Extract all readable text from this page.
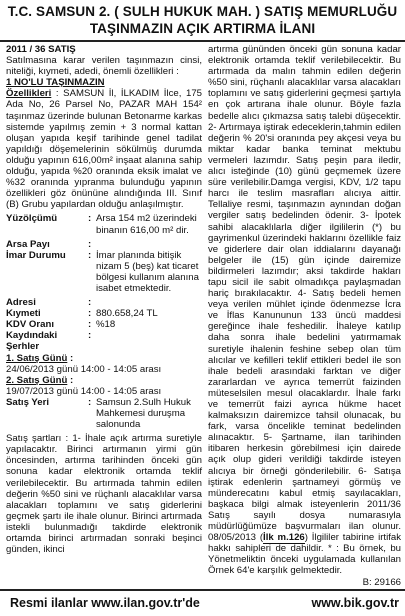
T.C. SAMSUN 2. ( SULH HUKUK MAH. ) SATIŞ MEMURLUĞU
TAŞINMAZIN AÇIK ARTIRMA İLANI
2011 / 36 SATIŞ
Satılmasına karar verilen taşınmazın cinsi, niteliği, kıymeti, adedi, önemli özellikleri :
1 NO'LU TAŞINMAZIN
Özellikleri : SAMSUN İl, İLKADIM İlce, 175 Ada No, 26 Parsel No, PAZAR MAH 154² taşınmaz üzerinde bulunan Betonarme karkas sistemde yapılmış zemin + 3 normal kattan oluşan yapıda keşif tarihinde genel tadilat yapıldığı döşemelerinin sökülmüş durumda olduğu yapının 616,00m² inşaat alanına sahip olduğu, yapıda %20 oranında eksik imalat ve %32 oranında yıpranma bulunduğu yapının özellikleri göz önününe alındığında III. Sınıf (B) Grubu yapılardan olduğu anlaşılmıştır.
Yüzölçümü	: Arsa 154 m2 üzerindeki binanın 616,00 m² dir.
Arsa Payı	:
İmar Durumu	: İmar planında bitişik nizam 5 (beş) kat ticaret bölgesi kullanım alanına isabet etmektedir.
Adresi	:
Kıymeti	: 880.658,24 TL
KDV Oranı	: %18
Kaydındaki Şerhler
:
1. Satış Günü :
24/06/2013 günü 14:00 - 14:05 arası
2. Satış Günü :
19/07/2013 günü 14:00 - 14:05 arası
Satış Yeri	: Samsun 2.Sulh Hukuk Mahkemesi duruşma salonunda
Satış şartları : 1- İhale açık artırma suretiyle yapılacaktır. Birinci artırmanın yirmi gün öncesinden, artırma tarihinden önceki gün sonuna kadar elektronik ortamda teklif verilebilecektir. Bu artırmada tahmin edilen değerin %50 sini ve rüçhanlı alacaklılar varsa alacakları toplamını ve satış giderlerini geçmek şartı ile ihale olunur. Birinci artırmada istekli bulunmadığı takdirde elektronik ortamda birinci artırmadan sonraki beşinci günden, ikinci
artırma gününden önceki gün sonuna kadar elektronik ortamda teklif verilebilecektir. Bu artırmada da malın tahmin edilen değerin %50 sini, rüçhanlı alacaklılar varsa alacakları toplamını ve satış giderlerini geçmesi şartıyla en çok artırana ihale olunur. Böyle fazla bedelle alıcı çıkmazsa satış talebi düşecektir. 2- Artırmaya iştirak edeceklerin,tahmin edilen değerin % 20'si oranında pey akçesi veya bu miktar kadar banka teminat mektubu vermeleri lazımdır. Satış peşin para iledir, alıcı isteğinde (10) günü geçmemek üzere süre verilebilir.Damga vergisi, KDV, 1/2 tapu harcı ile teslim masrafları alıcıya aittir. Tellaliye resmi, taşınmazın aynından doğan vergiler satış bedelinden ödenir. 3- İpotek sahibi alacaklılarla diğer ilgililerin (*) bu gayrimenkul üzerindeki haklarını özellikle faiz ve giderlere dair olan iddialarını dayanağı belgeler ile (15) gün içinde dairemize bildirmeleri lazımdır; aksi takdirde hakları tapu sicil ile sabit olmadıkça paylaşmadan hariç bırakılacaktır. 4- Satış bedeli hemen veya verilen mühlet içinde ödenmezse İcra ve İflas Kanununun 133 üncü maddesi gereğince ihale feshedilir. İhaleye katılıp daha sonra ihale bedelini yatırmamak suretiyle ihalenin feshine sebep olan tüm alıcılar ve kefilleri teklif ettikleri bedel ile son ihale bedeli arasındaki farktan ve diğer zararlardan ve ayrıca temerrüt faizinden müteselsilen mesul olacaklardır. İhale farkı ve temerrüt faizi ayrıca hükme hacet kalmaksızın dairemizce tahsil olunacak, bu fark, varsa öncelikle teminat bedelinden alınacaktır. 5- Şartname, ilan tarihinden itibaren herkesin görebilmesi için dairede açık olup gideri verildiği takdirde isteyen alıcıya bir örneği gönderilebilir. 6- Satışa iştirak edenlerin şartnameyi görmüş ve münderecatını kabul etmiş sayılacakları, başkaca bilgi almak isteyenlerin 2011/36 Satış sayılı dosya numarasıyla müdürlüğümüze başvurmaları ilan olunur. 08/05/2013 (İlk m.126) İlgililer tabirine irtifak hakkı sahipleri de dahildir. * : Bu örnek, bu Yönetmeliktin önceki uygulamada kullanılan Örnek 64'e karşılık gelmektedir.
B: 29166
Resmi ilanlar www.ilan.gov.tr'de	www.bik.gov.tr
